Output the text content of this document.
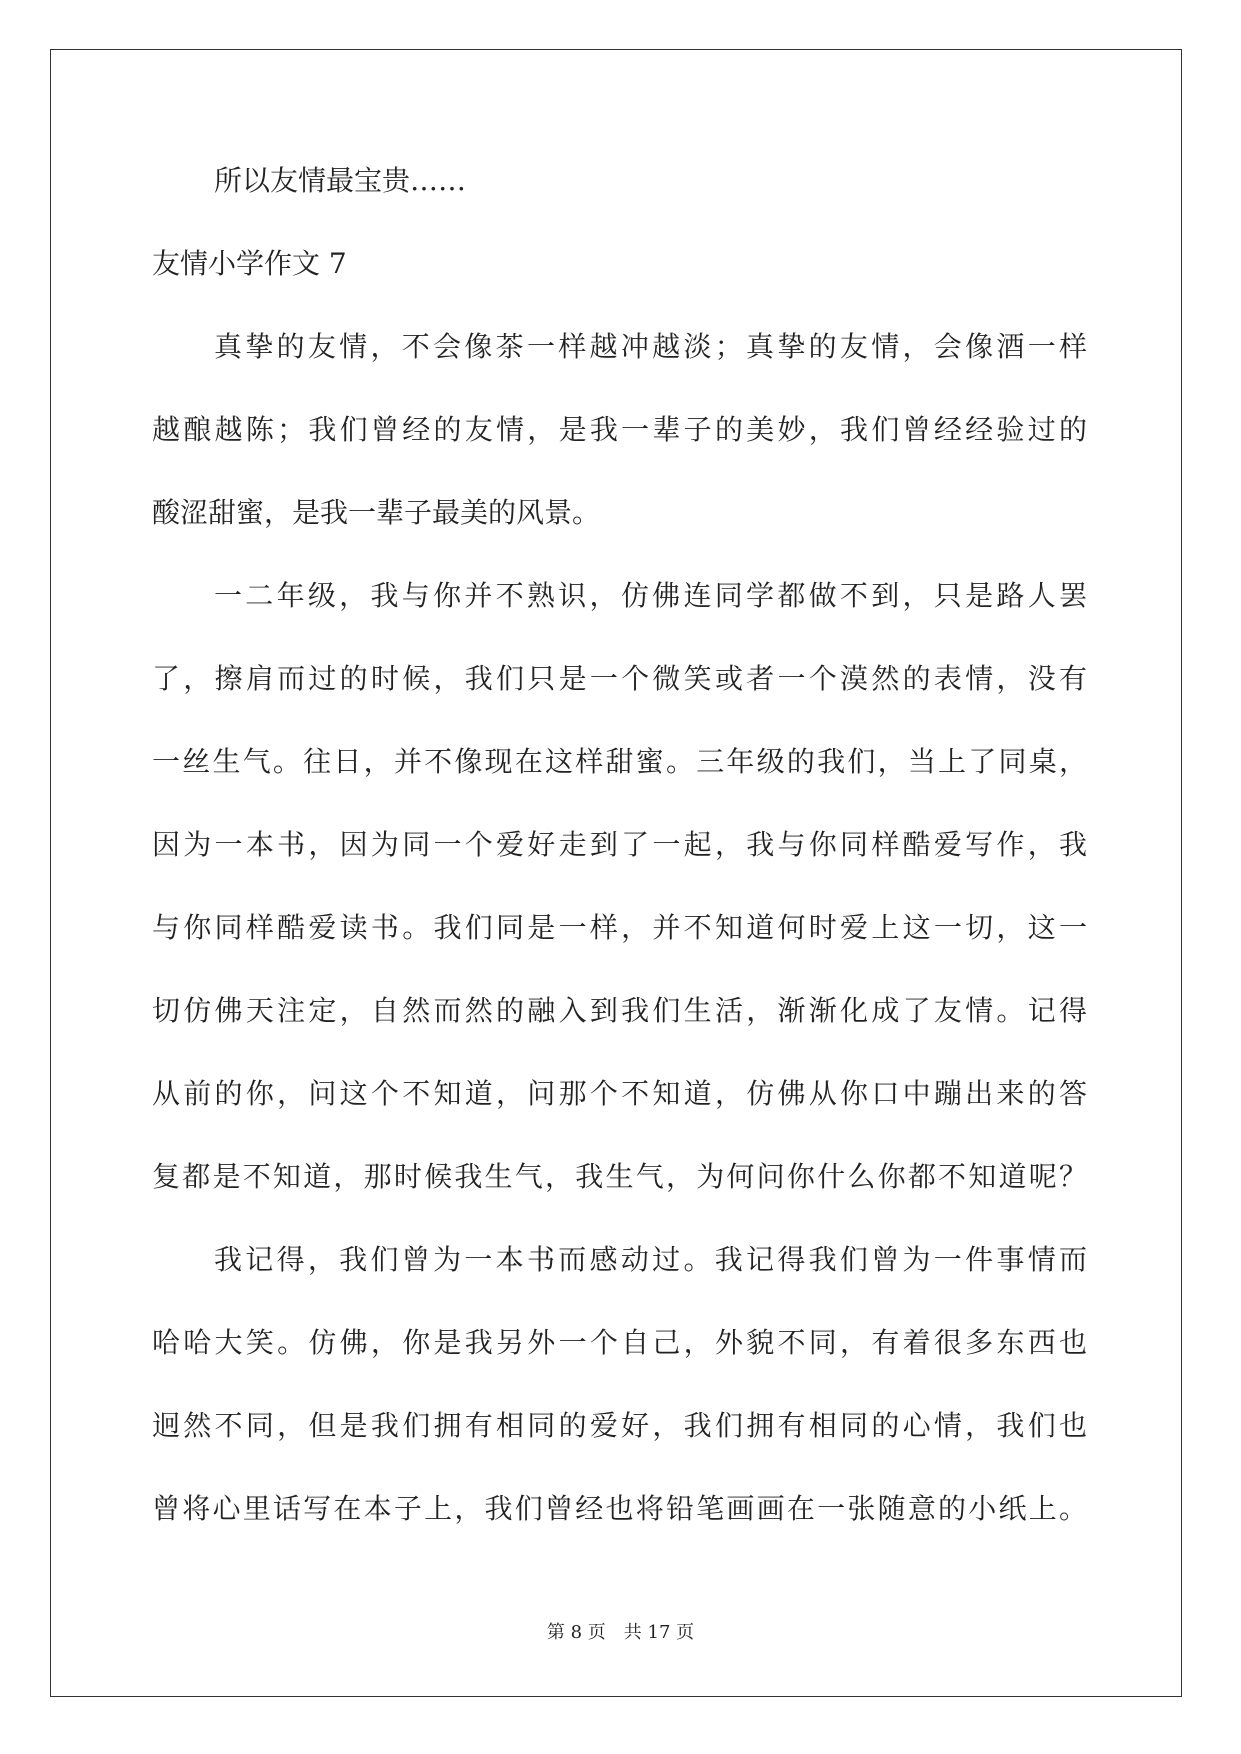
所以友情最宝贵……
友情小学作文 7
真挚的友情，不会像茶一样越冲越淡；真挚的友情，会像酒一样
越酿越陈；我们曾经的友情，是我一辈子的美妙，我们曾经经验过的
酸涩甜蜜，是我一辈子最美的风景。
一二年级，我与你并不熟识，仿佛连同学都做不到，只是路人罢
了，擦肩而过的时候，我们只是一个微笑或者一个漠然的表情，没有
一丝生气。往日，并不像现在这样甜蜜。三年级的我们，当上了同桌，
因为一本书，因为同一个爱好走到了一起，我与你同样酷爱写作，我
与你同样酷爱读书。我们同是一样，并不知道何时爱上这一切，这一
切仿佛天注定，自然而然的融入到我们生活，渐渐化成了友情。记得
从前的你，问这个不知道，问那个不知道，仿佛从你口中蹦出来的答
复都是不知道，那时候我生气，我生气，为何问你什么你都不知道呢？
我记得，我们曾为一本书而感动过。我记得我们曾为一件事情而
哈哈大笑。仿佛，你是我另外一个自己，外貌不同，有着很多东西也
迥然不同，但是我们拥有相同的爱好，我们拥有相同的心情，我们也
曾将心里话写在本子上，我们曾经也将铅笔画画在一张随意的小纸上。
第 8 页　共 17 页
